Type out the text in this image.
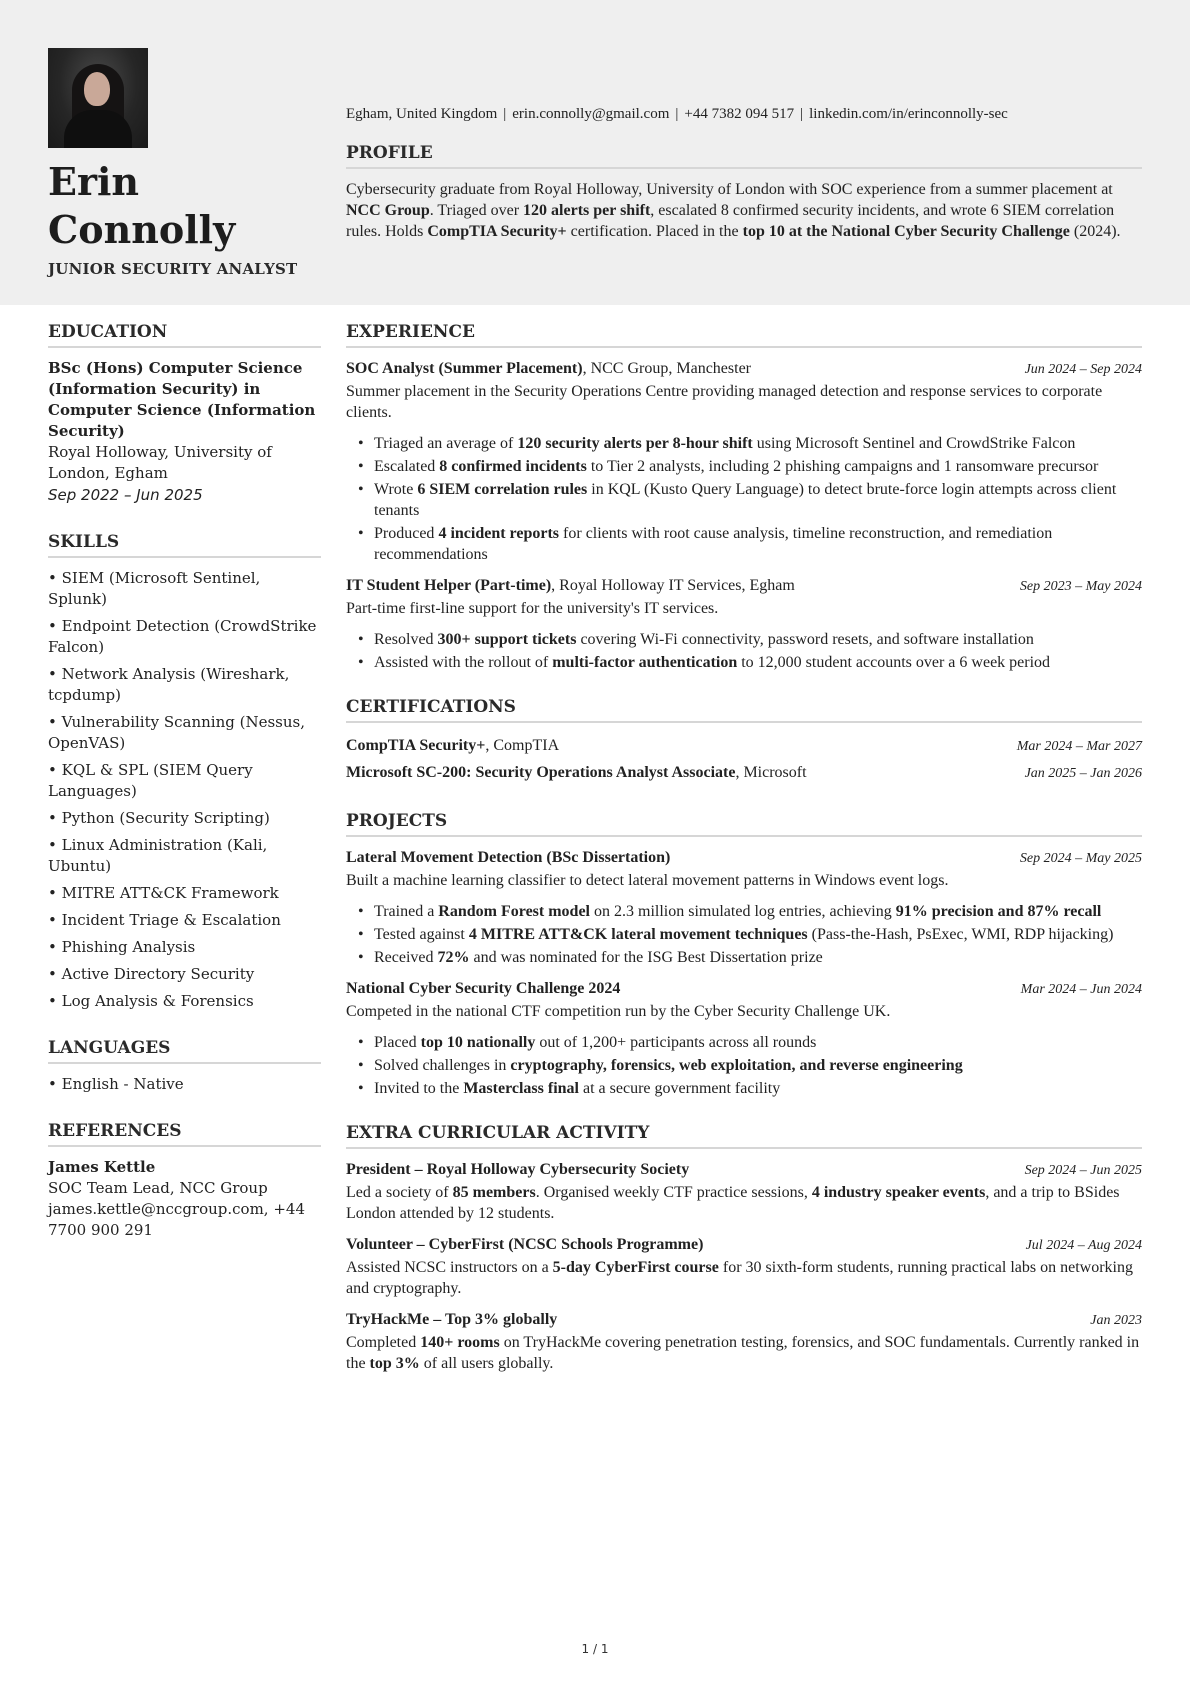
Erin
Connolly
JUNIOR SECURITY ANALYST
Egham, United Kingdom | erin.connolly@gmail.com | +44 7382 094 517 | linkedin.com/in/erinconnolly-sec
PROFILE

Cybersecurity graduate from Royal Holloway, University of London with SOC experience from a summer placement at NCC Group. Triaged over 120 alerts per shift, escalated 8 confirmed security incidents, and wrote 6 SIEM correlation rules. Holds CompTIA Security+ certification. Placed in the top 10 at the National Cyber Security Challenge (2024).

EDUCATION
BSc (Hons) Computer Science (Information Security) in Computer Science (Information Security)
Royal Holloway, University of London, Egham
Sep 2022 – Jun 2025
SKILLS
• SIEM (Microsoft Sentinel, Splunk)
• Endpoint Detection (CrowdStrike Falcon)
• Network Analysis (Wireshark, tcpdump)
• Vulnerability Scanning (Nessus, OpenVAS)
• KQL & SPL (SIEM Query Languages)
• Python (Security Scripting)
• Linux Administration (Kali, Ubuntu)
• MITRE ATT&CK Framework
• Incident Triage & Escalation
• Phishing Analysis
• Active Directory Security
• Log Analysis & Forensics
LANGUAGES
• English - Native
REFERENCES
James Kettle
SOC Team Lead, NCC Group
james.kettle@nccgroup.com, +44 7700 900 291
EXPERIENCE
SOC Analyst (Summer Placement), NCC Group, Manchester	Jun 2024 – Sep 2024
Summer placement in the Security Operations Centre providing managed detection and response services to corporate clients.
• Triaged an average of 120 security alerts per 8-hour shift using Microsoft Sentinel and CrowdStrike Falcon
• Escalated 8 confirmed incidents to Tier 2 analysts, including 2 phishing campaigns and 1 ransomware precursor
• Wrote 6 SIEM correlation rules in KQL (Kusto Query Language) to detect brute-force login attempts across client tenants
• Produced 4 incident reports for clients with root cause analysis, timeline reconstruction, and remediation recommendations
IT Student Helper (Part-time), Royal Holloway IT Services, Egham	Sep 2023 – May 2024
Part-time first-line support for the university's IT services.
• Resolved 300+ support tickets covering Wi-Fi connectivity, password resets, and software installation
• Assisted with the rollout of multi-factor authentication to 12,000 student accounts over a 6 week period
CERTIFICATIONS
CompTIA Security+, CompTIA	Mar 2024 – Mar 2027
Microsoft SC-200: Security Operations Analyst Associate, Microsoft	Jan 2025 – Jan 2026
PROJECTS
Lateral Movement Detection (BSc Dissertation)	Sep 2024 – May 2025
Built a machine learning classifier to detect lateral movement patterns in Windows event logs.
• Trained a Random Forest model on 2.3 million simulated log entries, achieving 91% precision and 87% recall
• Tested against 4 MITRE ATT&CK lateral movement techniques (Pass-the-Hash, PsExec, WMI, RDP hijacking)
• Received 72% and was nominated for the ISG Best Dissertation prize
National Cyber Security Challenge 2024	Mar 2024 – Jun 2024
Competed in the national CTF competition run by the Cyber Security Challenge UK.
• Placed top 10 nationally out of 1,200+ participants across all rounds
• Solved challenges in cryptography, forensics, web exploitation, and reverse engineering
• Invited to the Masterclass final at a secure government facility
EXTRA CURRICULAR ACTIVITY
President – Royal Holloway Cybersecurity Society	Sep 2024 – Jun 2025
Led a society of 85 members. Organised weekly CTF practice sessions, 4 industry speaker events, and a trip to BSides London attended by 12 students.
Volunteer – CyberFirst (NCSC Schools Programme)	Jul 2024 – Aug 2024
Assisted NCSC instructors on a 5-day CyberFirst course for 30 sixth-form students, running practical labs on networking and cryptography.
TryHackMe – Top 3% globally	Jan 2023
Completed 140+ rooms on TryHackMe covering penetration testing, forensics, and SOC fundamentals. Currently ranked in the top 3% of all users globally.
1 / 1
